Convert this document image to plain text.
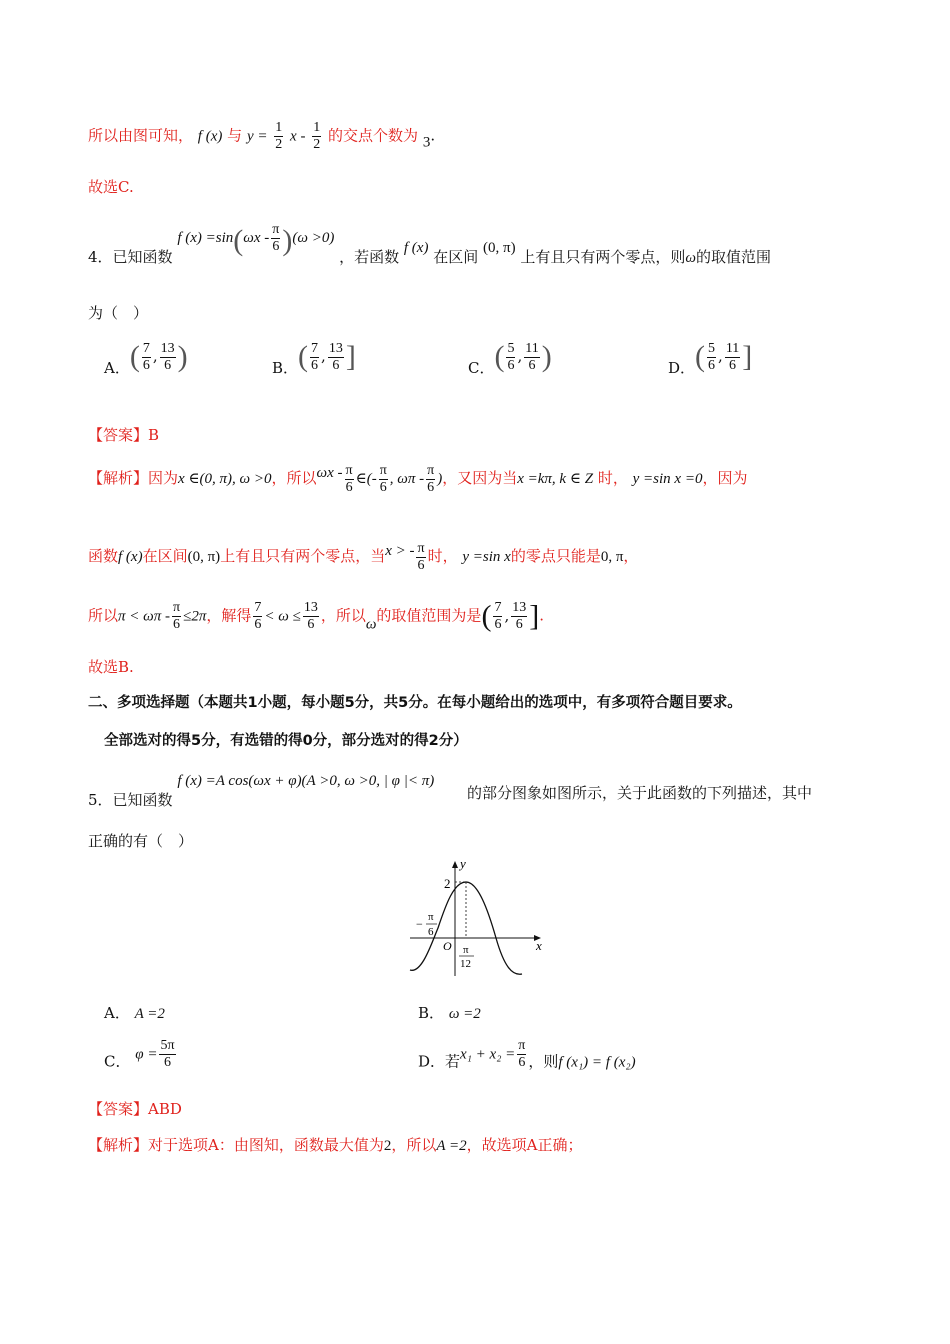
所以由图可知， f (x) 与 $y = \frac{1}{2}$ x - $\frac{1}{2}$ 的交点个数为 3.
故选C.
4．已知函数 f $(x) =\sin(\omega x - \frac{\pi}{6} )(\omega >0)$ ，若函数 f (x) 在区间 (0, π) 上有且只有两个零点，则ω的取值范围
为（　）
A．( $\frac{7}{6}$ , $\frac{13}{6}$ )	B．( $\frac{7}{6}$ , $\frac{13}{6}$ ]	C．( $\frac{5}{6}$ , $\frac{11}{6}$ )	D．( $\frac{5}{6}$ , $\frac{11}{6}$ ]
【答案】B
【解析】因为x ∈(0, π), ω >0，所以ωx - $\frac{\pi}{6}$ ∈(- $\frac{\pi}{6}$ , ωπ - $\frac{\pi}{6}$ )，又因为当x =kπ, k ∈ Z 时， y =sin x =0，因为
函数f (x)在区间(0, π)上有且只有两个零点，当x > - $\frac{\pi}{6}$ 时， y =sin x的零点只能是0, π，
所以$\pi < \omega\pi - \frac{\pi}{6} \le 2\pi$，解得 $\frac{7}{6} < \omega \le \frac{13}{6}$ ，所以ω的取值范围为是( $\frac{7}{6}$ , $\frac{13}{6}$ ].
故选B.
二、多项选择题（本题共1小题，每小题5分，共5分。在每小题给出的选项中，有多项符合题目要求。
全部选对的得5分，有选错的得0分，部分选对的得2分）
5．已知函数 f (x) =A cos(ωx + φ)(A >0, ω >0, | φ |< π)
的部分图象如图所示，关于此函数的下列描述，其中
正确的有（　）
y
x
O
2
− π
6
π
12
A． A =2	B． ω =2
C． $\varphi = \frac{5\pi}{6}$	D．若$x_1 + x_2 = \frac{\pi}{6}$ ，则f (x₁) = f (x₂)
【答案】ABD
【解析】对于选项A：由图知，函数最大值为2，所以A =2，故选项A正确；
